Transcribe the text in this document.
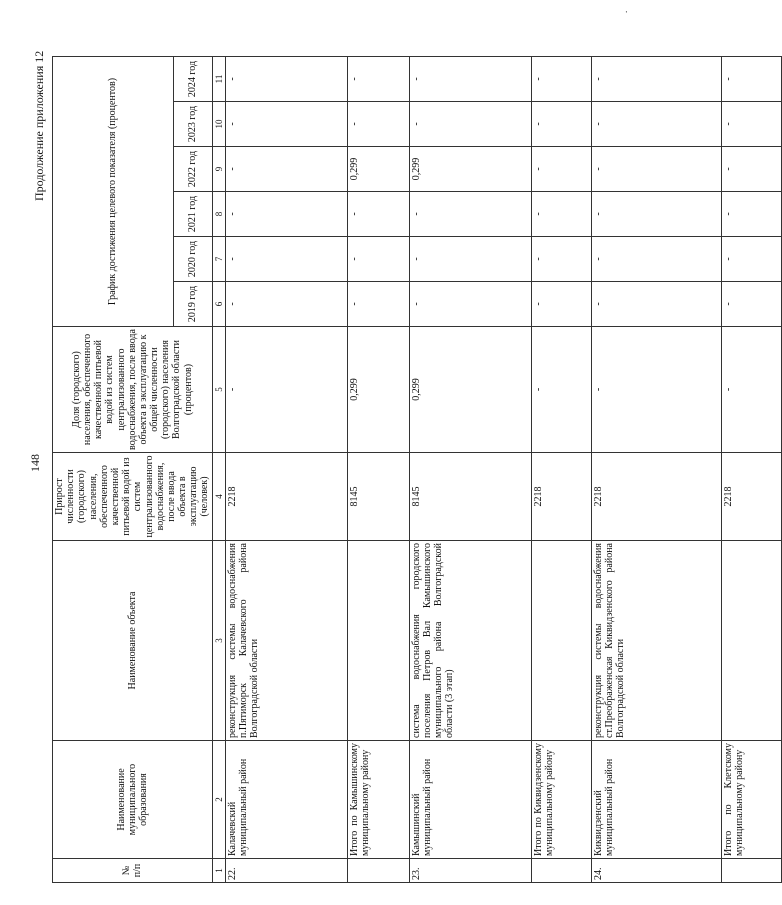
148
Продолжение приложения 12
№ п/п	Наименование муниципального образования	Наименование объекта	Прирост численности (городского) населения, обеспеченного качественной питьевой водой из систем централизованного водоснабжения, после ввода объекта в эксплуатацию (человек)	Доля (городского) населения, обеспеченного качественной питьевой водой из систем централизованного водоснабжения, после ввода объекта в эксплуатацию к общей численности (городского) населения Волгоградской области (процентов)	График достижения целевого показателя (процентов)					
					2019 год	2020 год	2021 год	2022 год	2023 год	2024 год
1	2	3	4	5	6	7	8	9	10	11
22.	Калачевский муниципальный район	реконструкция системы водоснабжения п.Пятиморск Калачевского района Волгоградской области	2218	-	-	-	-	-	-	-
	Итого по Камышинскому муниципальному району		8145	0,299	-	-	-	0,299	-	-
23.	Камышинский муниципальный район	система водоснабжения городского поселения Петров Вал Камышинского муниципального района Волгоградской области (3 этап)	8145	0,299	-	-	-	0,299	-	-
	Итого по Киквидзенскому муниципальному району		2218	-	-	-	-	-	-	-
24.	Киквидзенский муниципальный район	реконструкция системы водоснабжения ст.Преображенская Киквидзенского района Волгоградской области	2218	-	-	-	-	-	-	-
	Итого по Клетскому муниципальному району		2218	-	-	-	-	-	-	-
.
